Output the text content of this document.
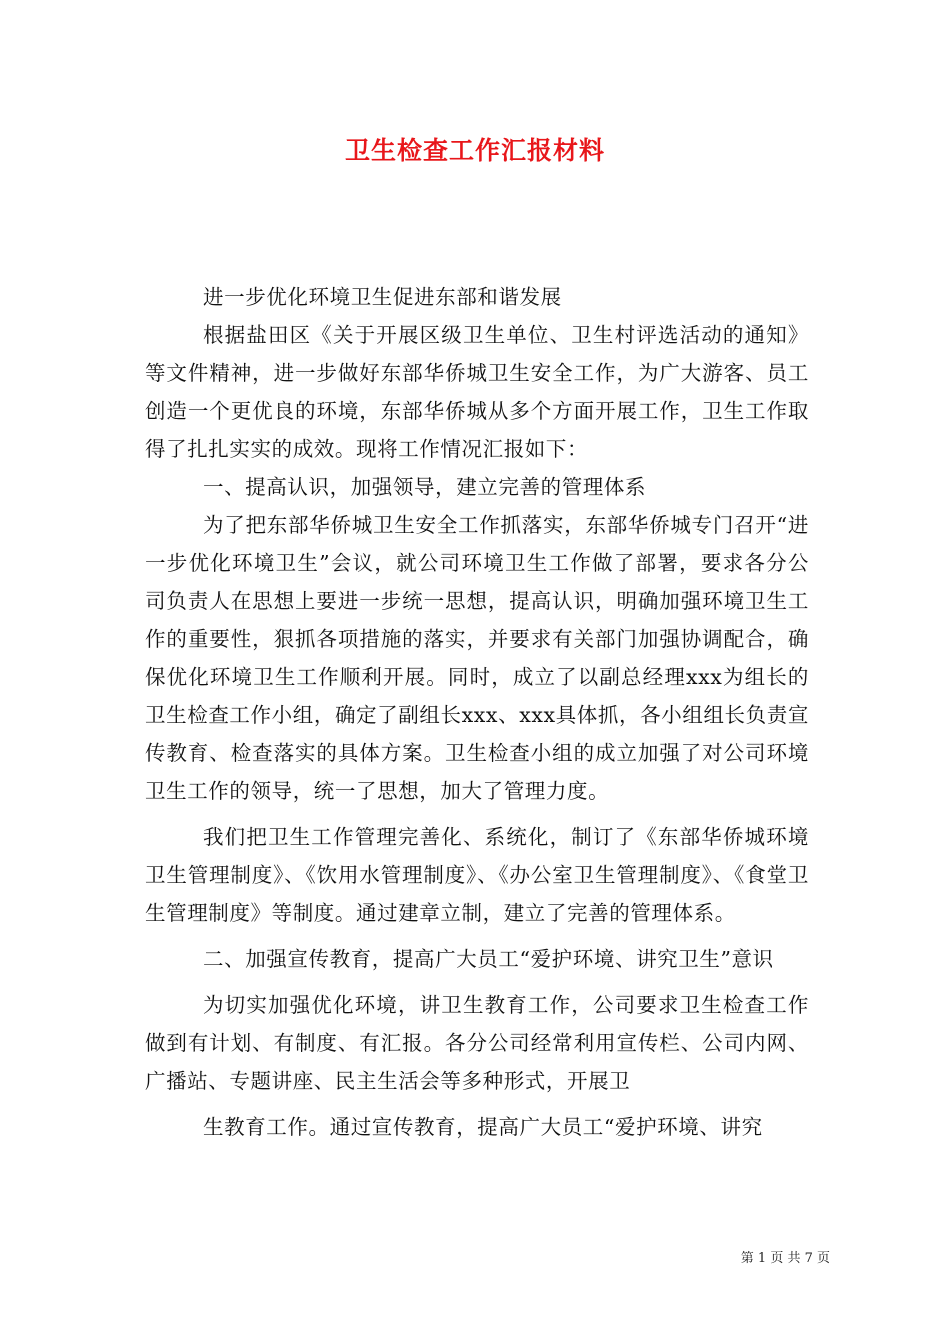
卫生检查工作汇报材料

进一步优化环境卫生促进东部和谐发展

根据盐田区《关于开展区级卫生单位、卫生村评选活动的通知》等文件精神，进一步做好东部华侨城卫生安全工作，为广大游客、员工创造一个更优良的环境，东部华侨城从多个方面开展工作，卫生工作取得了扎扎实实的成效。现将工作情况汇报如下：

一、提高认识，加强领导，建立完善的管理体系

为了把东部华侨城卫生安全工作抓落实，东部华侨城专门召开“进一步优化环境卫生”会议，就公司环境卫生工作做了部署，要求各分公司负责人在思想上要进一步统一思想，提高认识，明确加强环境卫生工作的重要性，狠抓各项措施的落实，并要求有关部门加强协调配合，确保优化环境卫生工作顺利开展。同时，成立了以副总经理xxx为组长的卫生检查工作小组，确定了副组长xxx、xxx具体抓，各小组组长负责宣传教育、检查落实的具体方案。卫生检查小组的成立加强了对公司环境卫生工作的领导，统一了思想，加大了管理力度。

我们把卫生工作管理完善化、系统化，制订了《东部华侨城环境卫生管理制度》、《饮用水管理制度》、《办公室卫生管理制度》、《食堂卫生管理制度》等制度。通过建章立制，建立了完善的管理体系。

二、加强宣传教育，提高广大员工“爱护环境、讲究卫生”意识

为切实加强优化环境，讲卫生教育工作，公司要求卫生检查工作做到有计划、有制度、有汇报。各分公司经常利用宣传栏、公司内网、广播站、专题讲座、民主生活会等多种形式，开展卫

生教育工作。通过宣传教育，提高广大员工“爱护环境、讲究

第 1 页 共 7 页
